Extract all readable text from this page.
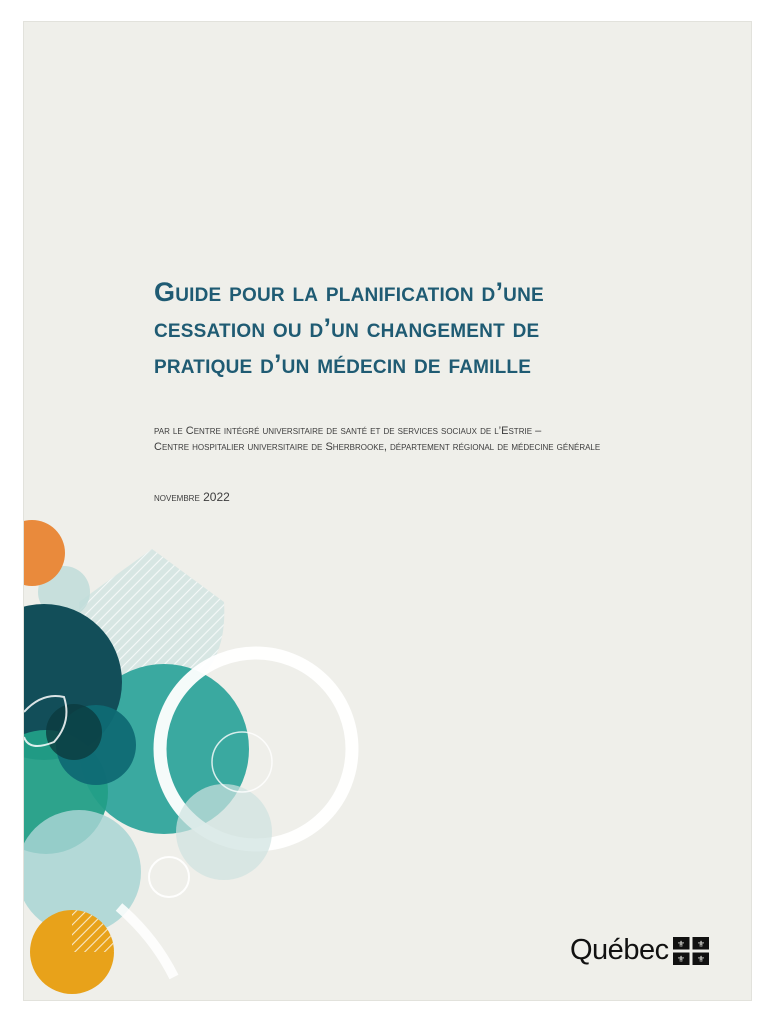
Guide pour la planification d’une
cessation ou d’un changement de
pratique d’un médecin de famille
par le Centre intégré universitaire de santé et de services sociaux de l’Estrie –
Centre hospitalier universitaire de Sherbrooke, département régional de médecine générale
novembre 2022
Québec ⚜ ⚜
⚜ ⚜
